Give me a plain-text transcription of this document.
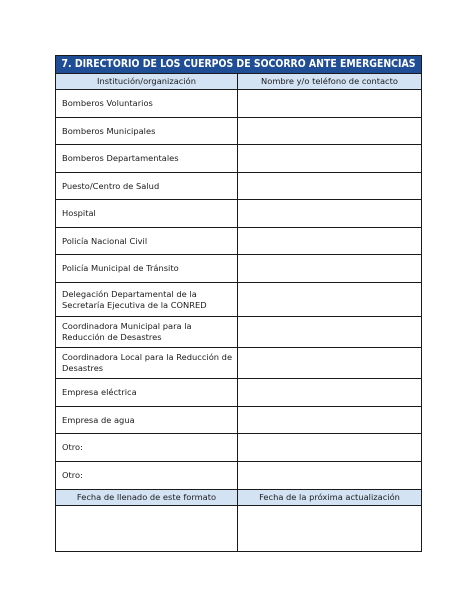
7. DIRECTORIO DE LOS CUERPOS DE SOCORRO ANTE EMERGENCIAS
Institución/organización	Nombre y/o teléfono de contacto
Bomberos Voluntarios
Bomberos Municipales
Bomberos Departamentales
Puesto/Centro de Salud
Hospital
Policía Nacional Civil
Policía Municipal de Tránsito
Delegación Departamental de la Secretaría Ejecutiva de la CONRED
Coordinadora Municipal para la Reducción de Desastres
Coordinadora Local para la Reducción de Desastres
Empresa eléctrica
Empresa de agua
Otro:
Otro:
Fecha de llenado de este formato	Fecha de la próxima actualización
